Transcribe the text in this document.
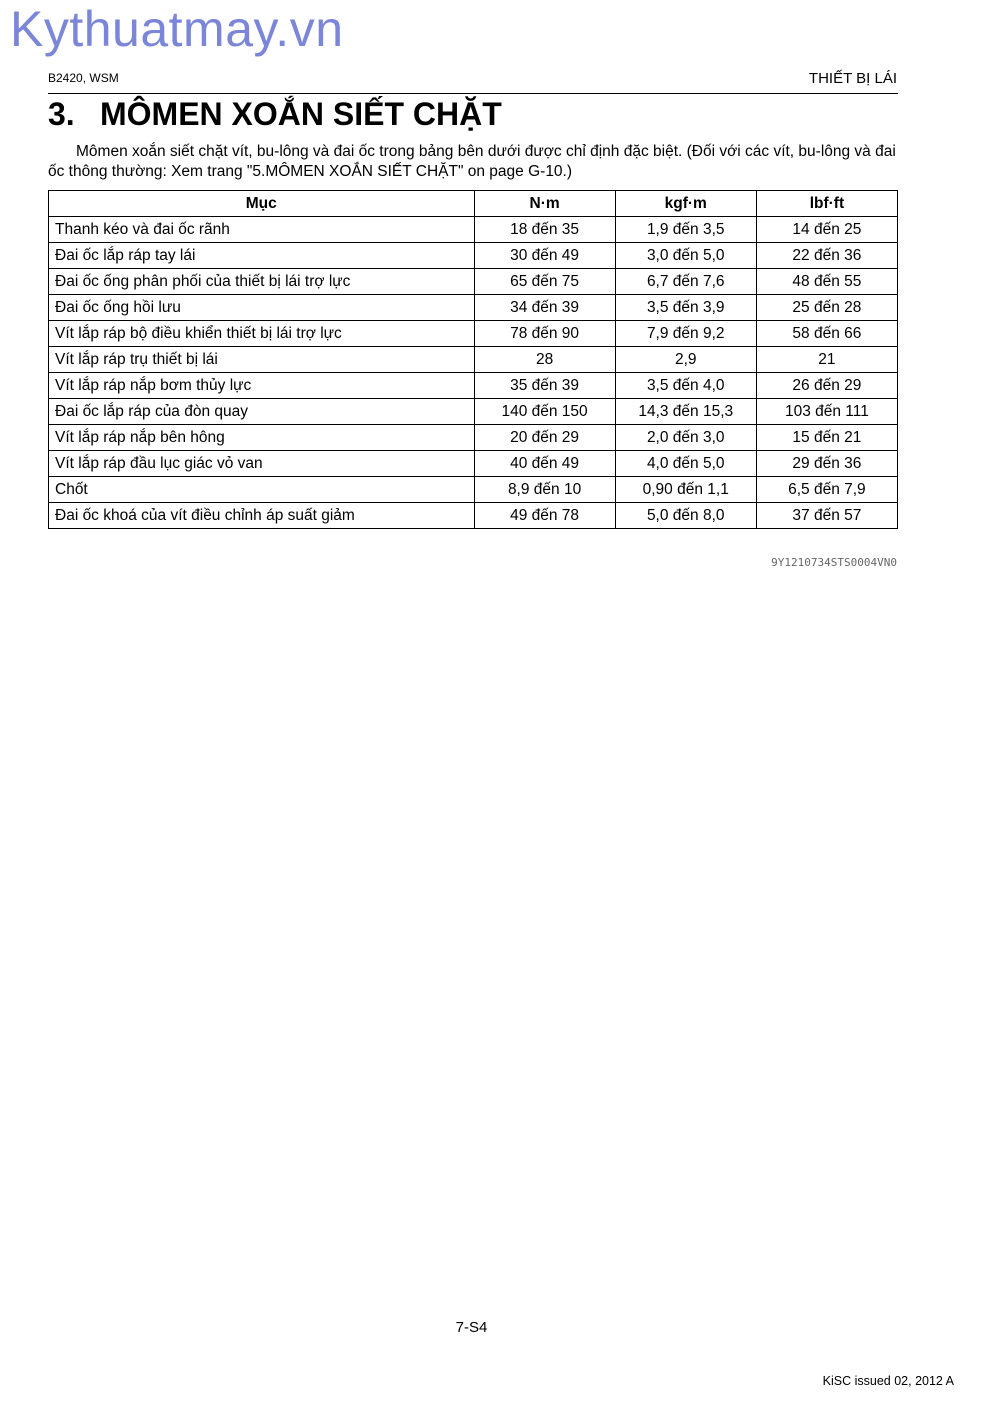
Kythuatmay.vn
B2420, WSM	THIẾT BỊ LÁI
3. MÔMEN XOẮN SIẾT CHẶT

Mômen xoắn siết chặt vít, bu-lông và đai ốc trong bảng bên dưới được chỉ định đặc biệt. (Đối với các vít, bu-lông và đai ốc thông thường: Xem trang "5.MÔMEN XOẮN SIẾT CHẶT" on page G-10.)

Mục	N·m	kgf·m	lbf·ft
Thanh kéo và đai ốc rãnh	18 đến 35	1,9 đến 3,5	14 đến 25
Đai ốc lắp ráp tay lái	30 đến 49	3,0 đến 5,0	22 đến 36
Đai ốc ống phân phối của thiết bị lái trợ lực	65 đến 75	6,7 đến 7,6	48 đến 55
Đai ốc ống hồi lưu	34 đến 39	3,5 đến 3,9	25 đến 28
Vít lắp ráp bộ điều khiển thiết bị lái trợ lực	78 đến 90	7,9 đến 9,2	58 đến 66
Vít lắp ráp trụ thiết bị lái	28	2,9	21
Vít lắp ráp nắp bơm thủy lực	35 đến 39	3,5 đến 4,0	26 đến 29
Đai ốc lắp ráp của đòn quay	140 đến 150	14,3 đến 15,3	103 đến 111
Vít lắp ráp nắp bên hông	20 đến 29	2,0 đến 3,0	15 đến 21
Vít lắp ráp đầu lục giác vỏ van	40 đến 49	4,0 đến 5,0	29 đến 36
Chốt	8,9 đến 10	0,90 đến 1,1	6,5 đến 7,9
Đai ốc khoá của vít điều chỉnh áp suất giảm	49 đến 78	5,0 đến 8,0	37 đến 57
9Y1210734STS0004VN0
7-S4
KiSC issued 02, 2012 A
